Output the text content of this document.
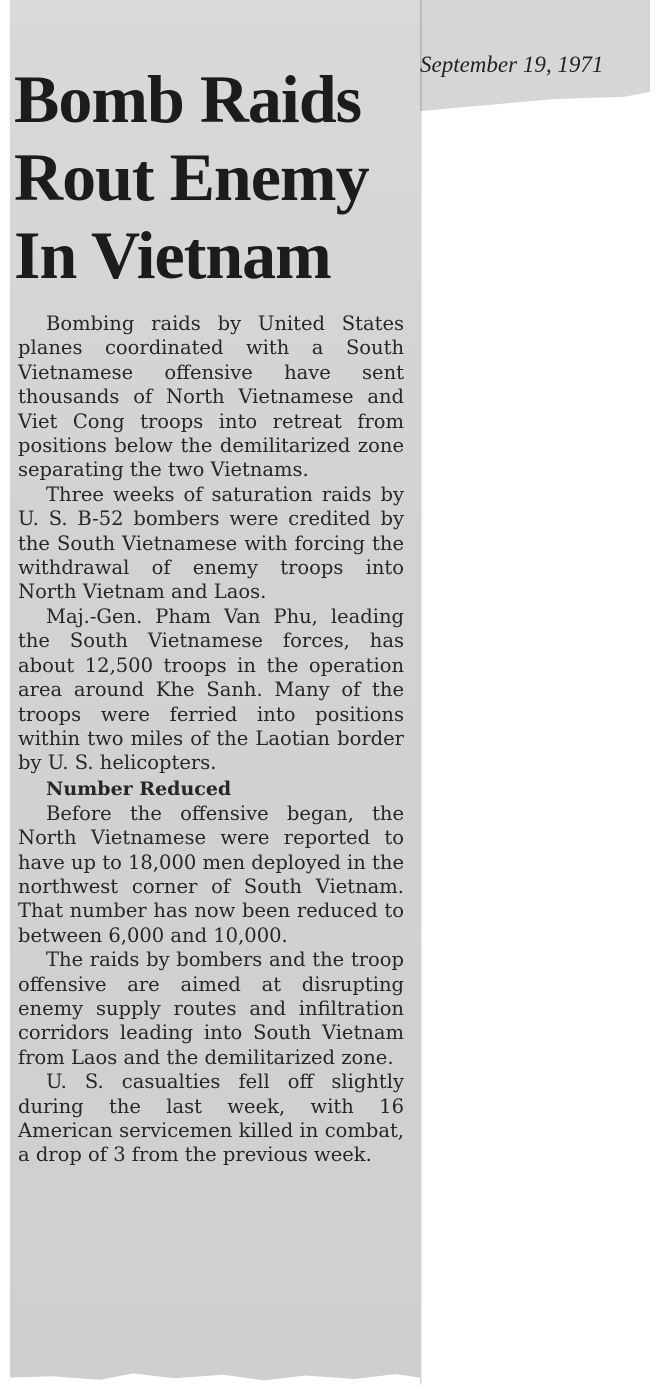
September 19, 1971
Bomb Raids
Rout Enemy
In Vietnam

Bombing raids by United States planes coordinated with a South Vietnamese offensive have sent thousands of North Vietnamese and Viet Cong troops into retreat from positions below the demilitarized zone separating the two Vietnams.

Three weeks of saturation raids by U. S. B-52 bombers were credited by the South Vietnamese with forcing the withdrawal of enemy troops into North Vietnam and Laos.

Maj.-Gen. Pham Van Phu, leading the South Vietnamese forces, has about 12,500 troops in the operation area around Khe Sanh. Many of the troops were ferried into positions within two miles of the Laotian border by U. S. helicopters.

Number Reduced

Before the offensive began, the North Vietnamese were reported to have up to 18,000 men deployed in the northwest corner of South Vietnam. That number has now been reduced to between 6,000 and 10,000.

The raids by bombers and the troop offensive are aimed at disrupting enemy supply routes and infiltration corridors leading into South Vietnam from Laos and the demilitarized zone.

U. S. casualties fell off slightly during the last week, with 16 American servicemen killed in combat, a drop of 3 from the previous week.
